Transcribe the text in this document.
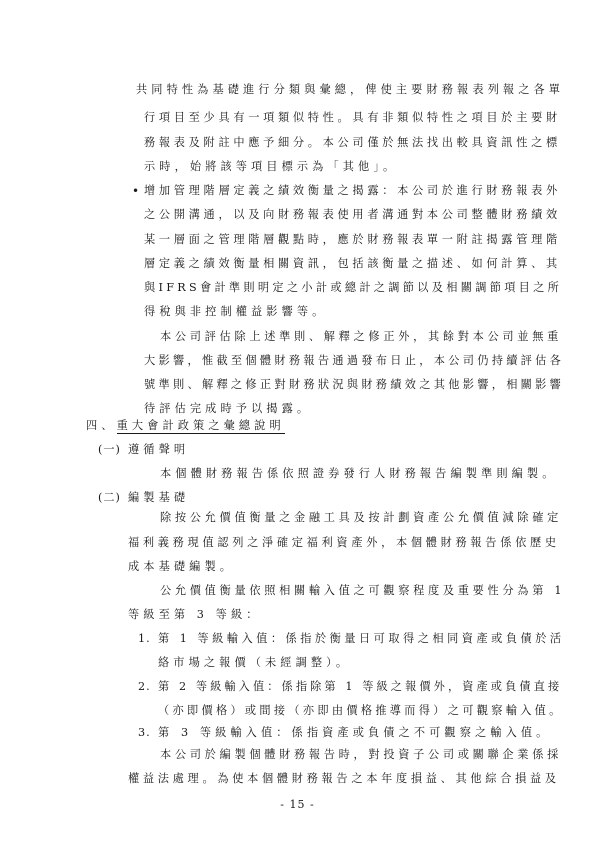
共同特性為基礎進行分類與彙總，俾使主要財務報表列報之各單
行項目至少具有一項類似特性。具有非類似特性之項目於主要財
務報表及附註中應予細分。本公司僅於無法找出較具資訊性之標
示時，始將該等項目標示為「其他」。
• 增加管理階層定義之績效衡量之揭露：本公司於進行財務報表外
之公開溝通，以及向財務報表使用者溝通對本公司整體財務績效
某一層面之管理階層觀點時，應於財務報表單一附註揭露管理階
層定義之績效衡量相關資訊，包括該衡量之描述、如何計算、其
與IFRS會計準則明定之小計或總計之調節以及相關調節項目之所
得稅與非控制權益影響等。
本公司評估除上述準則、解釋之修正外，其餘對本公司並無重
大影響，惟截至個體財務報告通過發布日止，本公司仍持續評估各
號準則、解釋之修正對財務狀況與財務績效之其他影響，相關影響
待評估完成時予以揭露。
四、重大會計政策之彙總說明
(一) 遵循聲明
本個體財務報告係依照證券發行人財務報告編製準則編製。
(二) 編製基礎
除按公允價值衡量之金融工具及按計劃資產公允價值減除確定
福利義務現值認列之淨確定福利資產外，本個體財務報告係依歷史
成本基礎編製。
公允價值衡量依照相關輸入值之可觀察程度及重要性分為第 1
等級至第 3 等級：
1. 第 1 等級輸入值：係指於衡量日可取得之相同資產或負債於活
絡市場之報價（未經調整）。
2. 第 2 等級輸入值：係指除第 1 等級之報價外，資產或負債直接
（亦即價格）或間接（亦即由價格推導而得）之可觀察輸入值。
3. 第 3 等級輸入值：係指資產或負債之不可觀察之輸入值。
本公司於編製個體財務報告時，對投資子公司或關聯企業係採
權益法處理。為使本個體財務報告之本年度損益、其他綜合損益及
- 15 -
